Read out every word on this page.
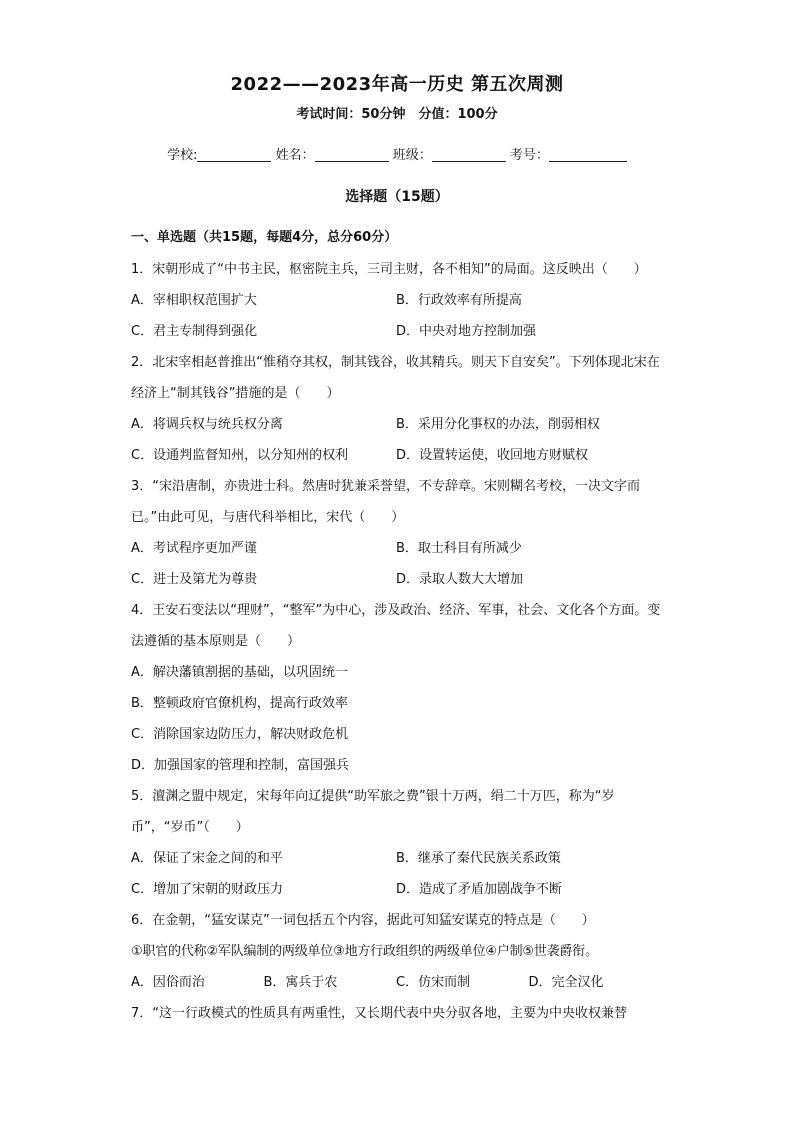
2022——2023年高一历史 第五次周测
考试时间：50分钟　分值：100分
学校:	姓名：	班级：	考号：
选择题（15题）
一、单选题（共15题，每题4分，总分60分）
1．宋朝形成了“中书主民，枢密院主兵，三司主财，各不相知”的局面。这反映出（　　）
A．宰相职权范围扩大	B．行政效率有所提高
C．君主专制得到强化	D．中央对地方控制加强
2．北宋宰相赵普推出“惟稍夺其权，制其钱谷，收其精兵。则天下自安矣”。下列体现北宋在经济上“制其钱谷”措施的是（　　）
A．将调兵权与统兵权分离	B．采用分化事权的办法，削弱相权
C．设通判监督知州，以分知州的权利	D．设置转运使，收回地方财赋权
3．“宋沿唐制，亦贵进士科。然唐时犹兼采誉望，不专辞章。宋则糊名考校，一决文字而已。”由此可见，与唐代科举相比，宋代（　　）
A．考试程序更加严谨	B．取士科目有所减少
C．进士及第尤为尊贵	D．录取人数大大增加
4．王安石变法以“理财”，“整军”为中心，涉及政治、经济、军事，社会、文化各个方面。变法遵循的基本原则是（　　）
A．解决藩镇割据的基础，以巩固统一
B．整顿政府官僚机构，提高行政效率
C．消除国家边防压力，解决财政危机
D．加强国家的管理和控制，富国强兵
5．澶渊之盟中规定，宋每年向辽提供“助军旅之费”银十万两，绢二十万匹，称为“岁币”，“岁币”（　　）
A．保证了宋金之间的和平	B．继承了秦代民族关系政策
C．增加了宋朝的财政压力	D．造成了矛盾加剧战争不断
6．在金朝，“猛安谋克”一词包括五个内容，据此可知猛安谋克的特点是（　　）
①职官的代称②军队编制的两级单位③地方行政组织的两级单位④户制⑤世袭爵衔。
A．因俗而治	B．寓兵于农	C．仿宋而制	D．完全汉化
7．“这一行政模式的性质具有两重性，又长期代表中央分驭各地，主要为中央收权兼替
